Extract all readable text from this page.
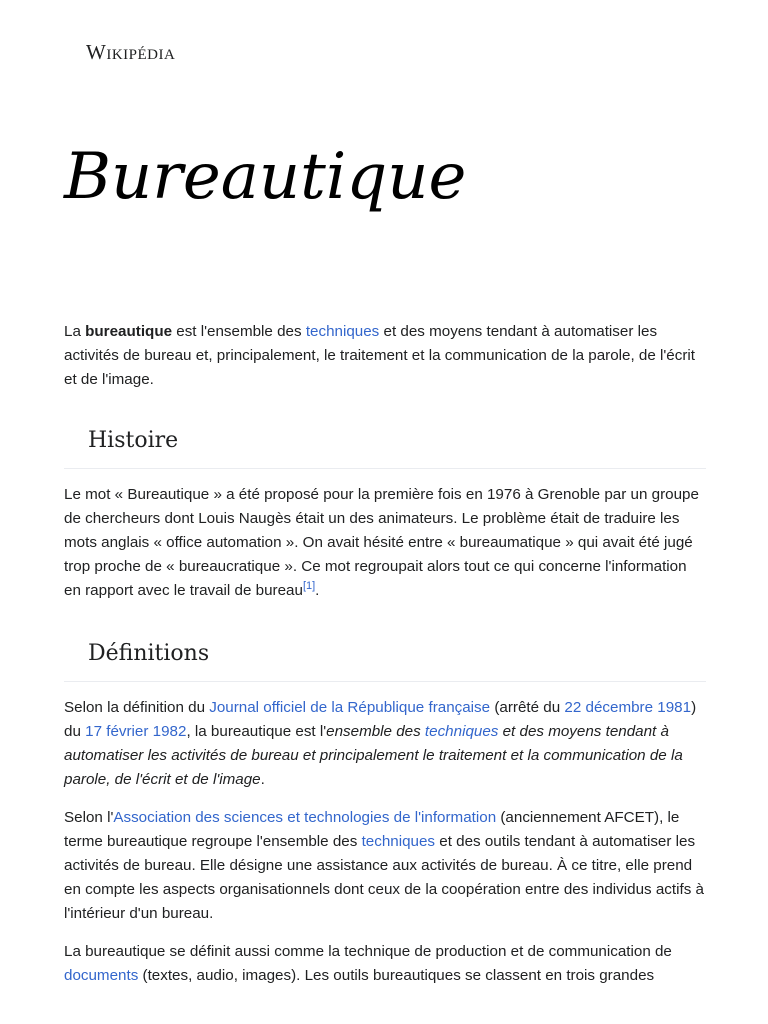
Wikipédia
Bureautique

La bureautique est l'ensemble des techniques et des moyens tendant à automatiser les activités de bureau et, principalement, le traitement et la communication de la parole, de l'écrit et de l'image.

Histoire

Le mot « Bureautique » a été proposé pour la première fois en 1976 à Grenoble par un groupe de chercheurs dont Louis Naugès était un des animateurs. Le problème était de traduire les mots anglais « office automation ». On avait hésité entre « bureaumatique » qui avait été jugé trop proche de « bureaucratique ». Ce mot regroupait alors tout ce qui concerne l'information en rapport avec le travail de bureau[1].

Définitions

Selon la définition du Journal officiel de la République française (arrêté du 22 décembre 1981) du 17 février 1982, la bureautique est l'ensemble des techniques et des moyens tendant à automatiser les activités de bureau et principalement le traitement et la communication de la parole, de l'écrit et de l'image.

Selon l'Association des sciences et technologies de l'information (anciennement AFCET), le terme bureautique regroupe l'ensemble des techniques et des outils tendant à automatiser les activités de bureau. Elle désigne une assistance aux activités de bureau. À ce titre, elle prend en compte les aspects organisationnels dont ceux de la coopération entre des individus actifs à l'intérieur d'un bureau.

La bureautique se définit aussi comme la technique de production et de communication de documents (textes, audio, images). Les outils bureautiques se classent en trois grandes
